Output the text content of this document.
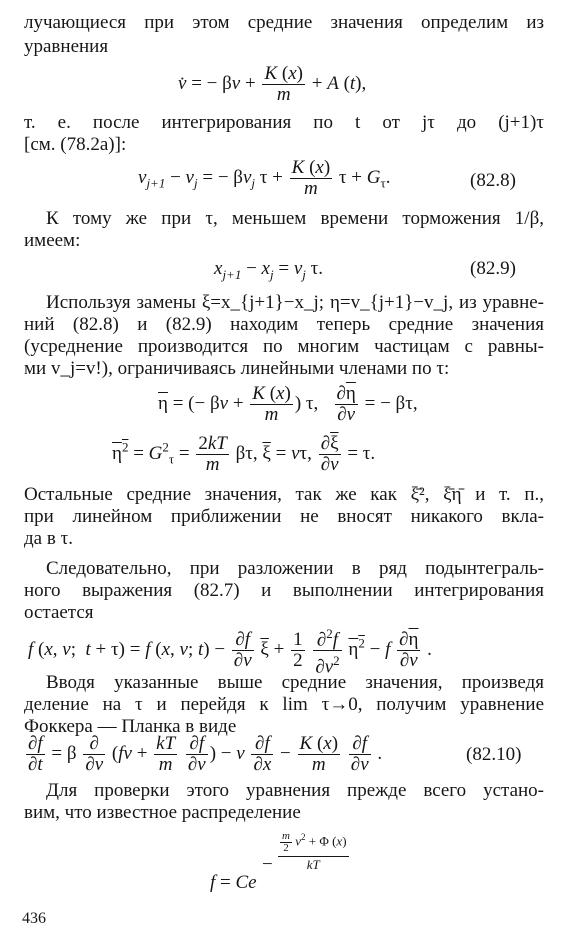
лучающиеся при этом средние значения определим из
уравнения
v̇ = − $\beta v + \frac{K (x)}{m} + A$ (t),
т. е. после интегрирования по t от jτ до (j+1)τ
[см. (78.2а)]:
$v_{j+1} - v_j$ = − $\beta v_j$ $\tau + \frac{K (x)}{m}$ $\tau + G_\tau$.	(82.8)
К тому же при τ, меньшем времени торможения 1/β,
имеем:
$x_{j+1} - x_j = v_j$ τ.	(82.9)
Используя замены ξ=x_{j+1}−x_j; η=v_{j+1}−v_j, из уравне-
ний (82.8) и (82.9) находим теперь средние значения
(усреднение производится по многим частицам с равны-
ми v_j=v!), ограничиваясь линейными членами по τ:
$\overline{\eta}$ = (− $\beta v + \frac{K (x)}{m}$ ) τ, $\frac{\partial\overline{\eta}}{\partial v}$ = − βτ,
$\eta^2 = G^2_\tau = \frac{2kT}{m} \beta\tau$, $\overline{\xi} = v\tau$, $\frac{\partial\overline{\xi}}{\partial v} = \tau$.
Остальные средние значения, так же как ξ̄², ξ̄η̄ и т. п.,
при линейном приближении не вносят никакого вкла-
да в τ.
Следовательно, при разложении в ряд подынтеграль-
ного выражения (82.7) и выполнении интегрирования
остается
f (x, v;  t + τ) = f (x, v; $t) - \frac{\partial f}{\partial v} \overline{\xi} + \frac{1}{2}$
$\frac{\partial^2f}{\partial v^2} \eta^2 - f \frac{\partial\overline{\eta}}{\partial v}$ .
Вводя указанные выше средние значения, произведя
деление на τ и перейдя к lim τ→0, получим уравнение
Фоккера — Планка в виде
$\frac{\partial f}{\partial t} = \beta \frac{\partial}{\partial v} (fv + \frac{kT}{m}$
$\frac{\partial f}{\partial v}$ ) − v $\frac{\partial f}{\partial x} - \frac{K (x)}{m}$
$\frac{\partial f}{\partial v}$ .	(82.10)
Для проверки этого уравнения прежде всего устано-
вим, что известное распределение
f = Ce
−
$\frac{m}{2} v^2 + \Phi$ (x)
kT
436
